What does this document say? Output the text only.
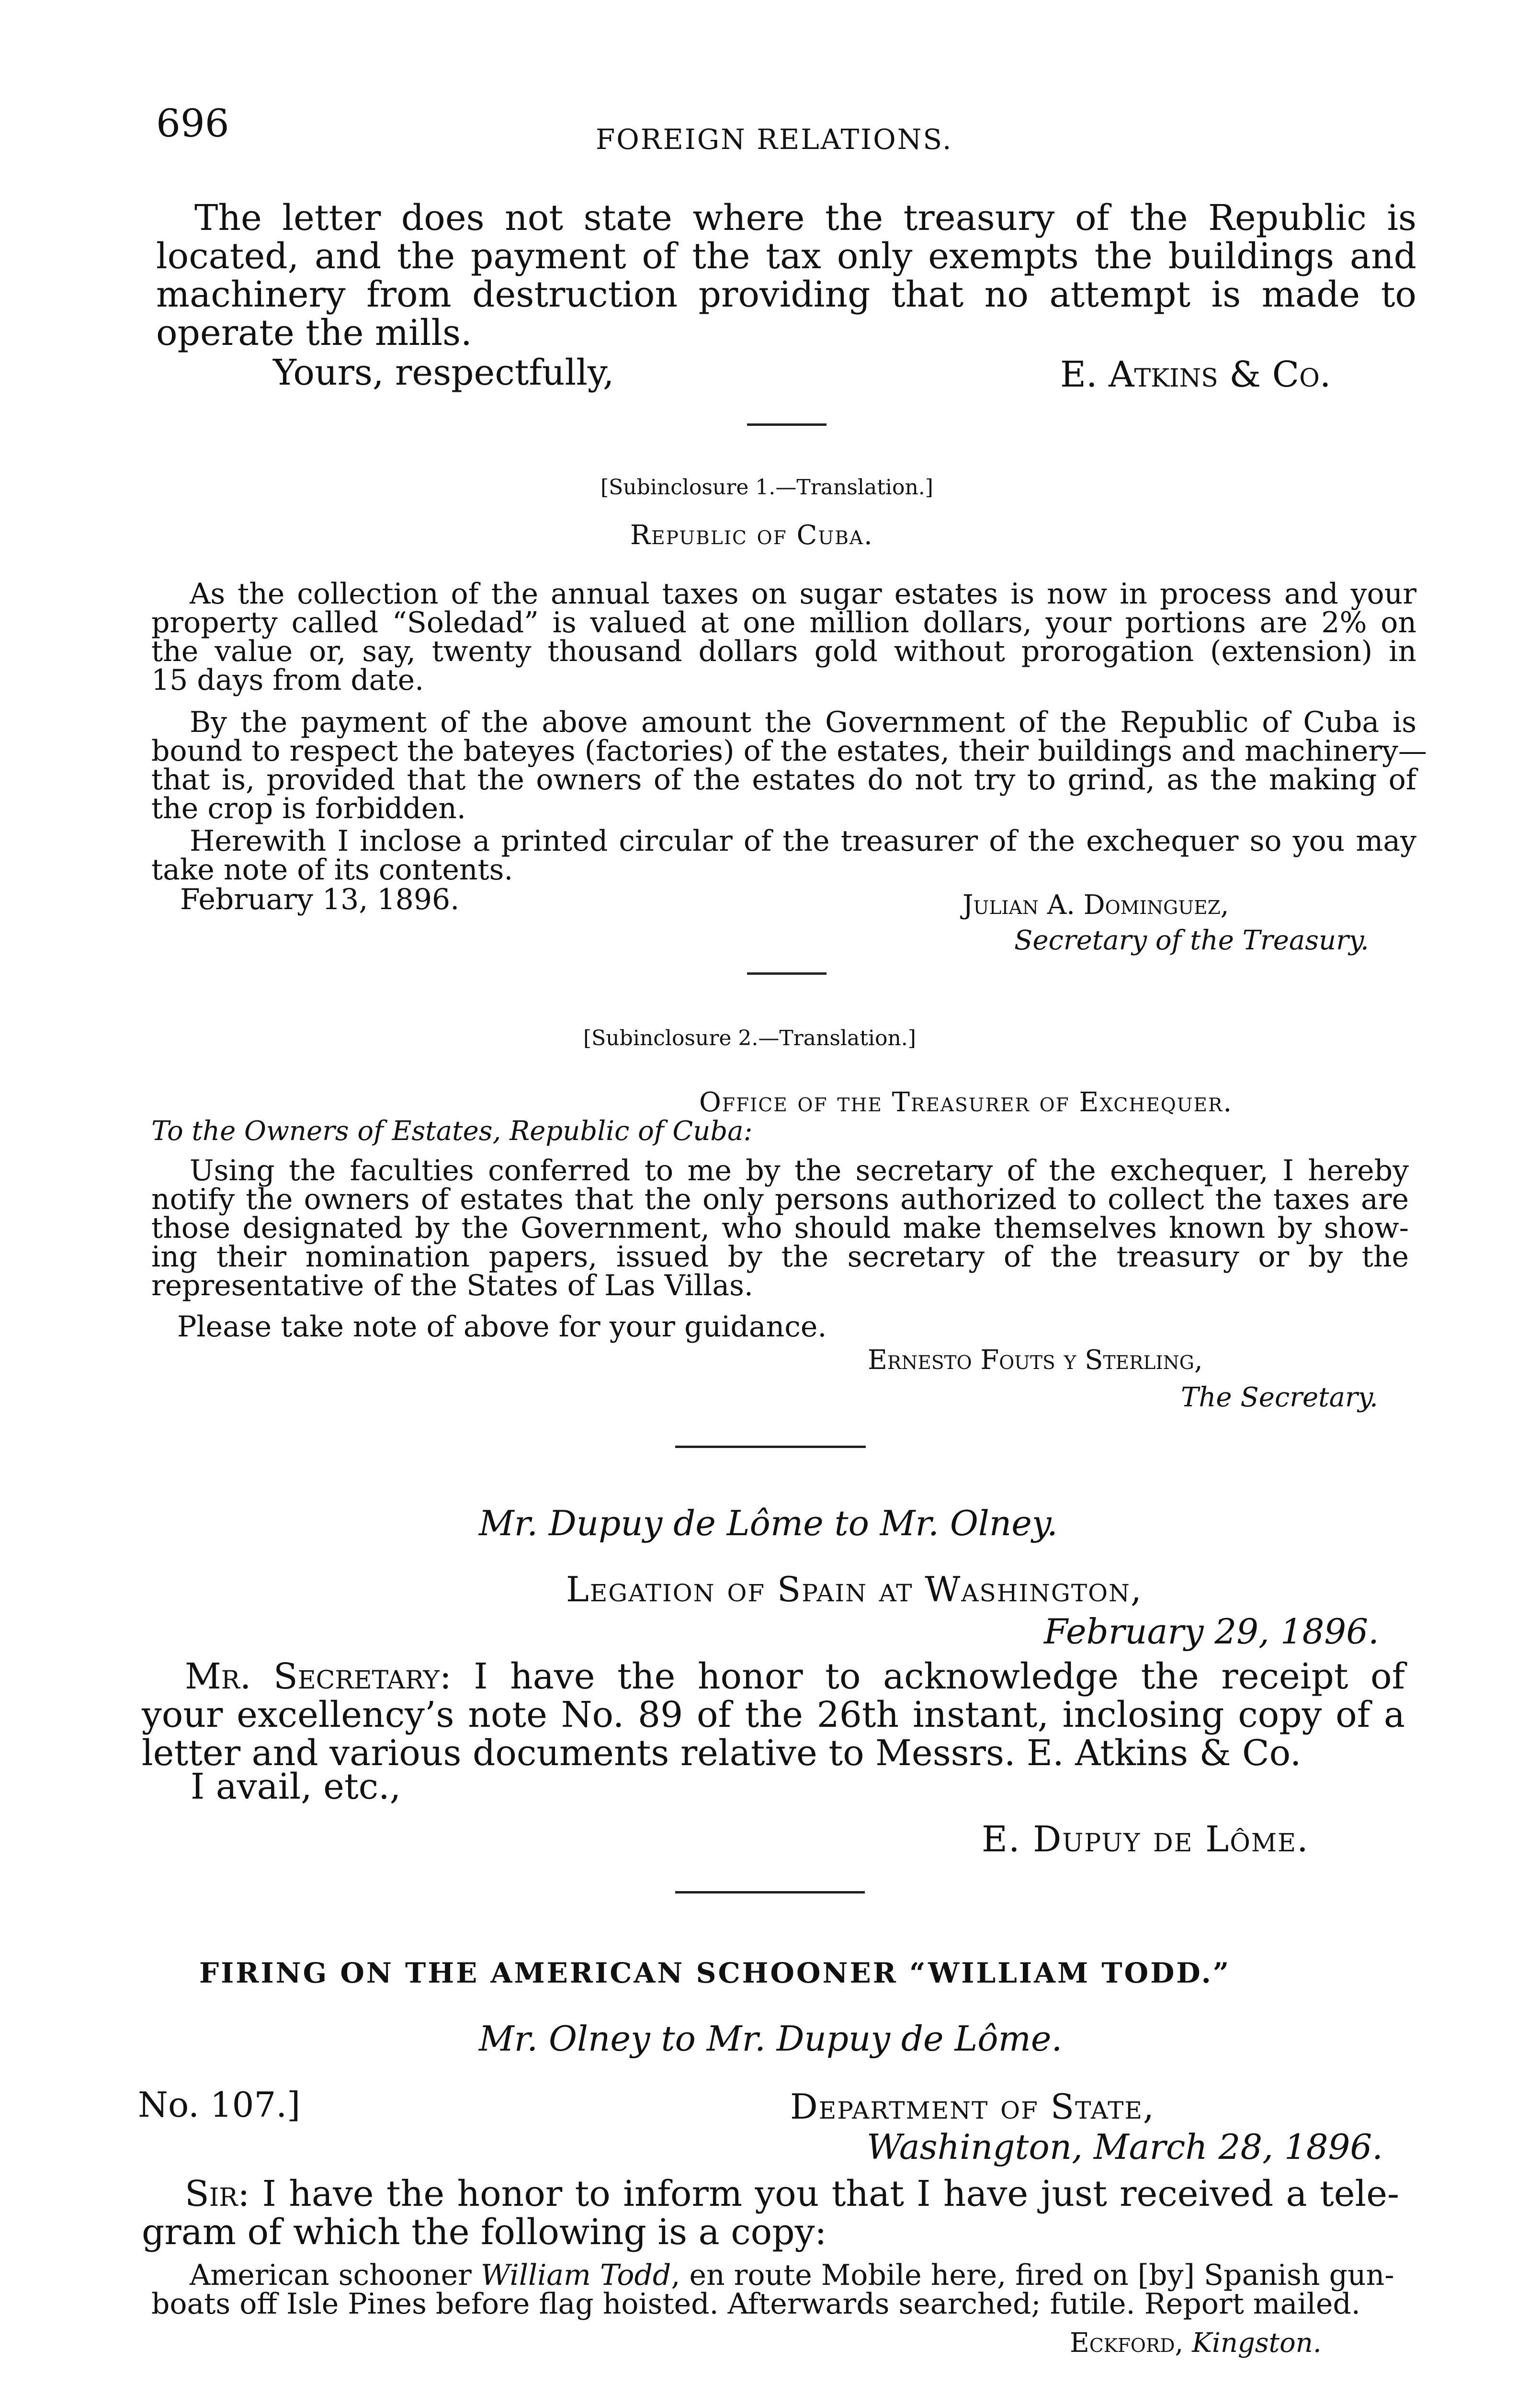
696	FOREIGN RELATIONS.
The letter does not state where the treasury of the Republic is
located, and the payment of the tax only exempts the buildings and
machinery from destruction providing that no attempt is made to
operate the mills.
Yours, respectfully,	E. Atkins & Co.
[Subinclosure 1.—Translation.]
Republic of Cuba.
As the collection of the annual taxes on sugar estates is now in process and your
property called “Soledad” is valued at one million dollars, your portions are 2% on
the value or, say, twenty thousand dollars gold without prorogation (extension) in
15 days from date.
By the payment of the above amount the Government of the Republic of Cuba is
bound to respect the bateyes (factories) of the estates, their buildings and machinery—
that is, provided that the owners of the estates do not try to grind, as the making of
the crop is forbidden.
Herewith I inclose a printed circular of the treasurer of the exchequer so you may
take note of its contents.
February 13, 1896.	Julian A. Dominguez,
Secretary of the Treasury.
[Subinclosure 2.—Translation.]
Office of the Treasurer of Exchequer.
To the Owners of Estates, Republic of Cuba:
Using the faculties conferred to me by the secretary of the exchequer, I hereby
notify the owners of estates that the only persons authorized to collect the taxes are
those designated by the Government, who should make themselves known by show-
ing their nomination papers, issued by the secretary of the treasury or by the
representative of the States of Las Villas.
Please take note of above for your guidance.
Ernesto Fouts y Sterling,
The Secretary.
Mr. Dupuy de Lôme to Mr. Olney.
Legation of Spain at Washington,
February 29, 1896.
Mr. Secretary: I have the honor to acknowledge the receipt of
your excellency’s note No. 89 of the 26th instant, inclosing copy of a
letter and various documents relative to Messrs. E. Atkins & Co.
I avail, etc.,
E. Dupuy de Lôme.
FIRING ON THE AMERICAN SCHOONER “WILLIAM TODD.”
Mr. Olney to Mr. Dupuy de Lôme.
No. 107.]	Department of State,
Washington, March 28, 1896.
Sir: I have the honor to inform you that I have just received a tele-
gram of which the following is a copy:
American schooner William Todd, en route Mobile here, fired on [by] Spanish gun-
boats off Isle Pines before flag hoisted. Afterwards searched; futile. Report mailed.
Eckford, Kingston.
